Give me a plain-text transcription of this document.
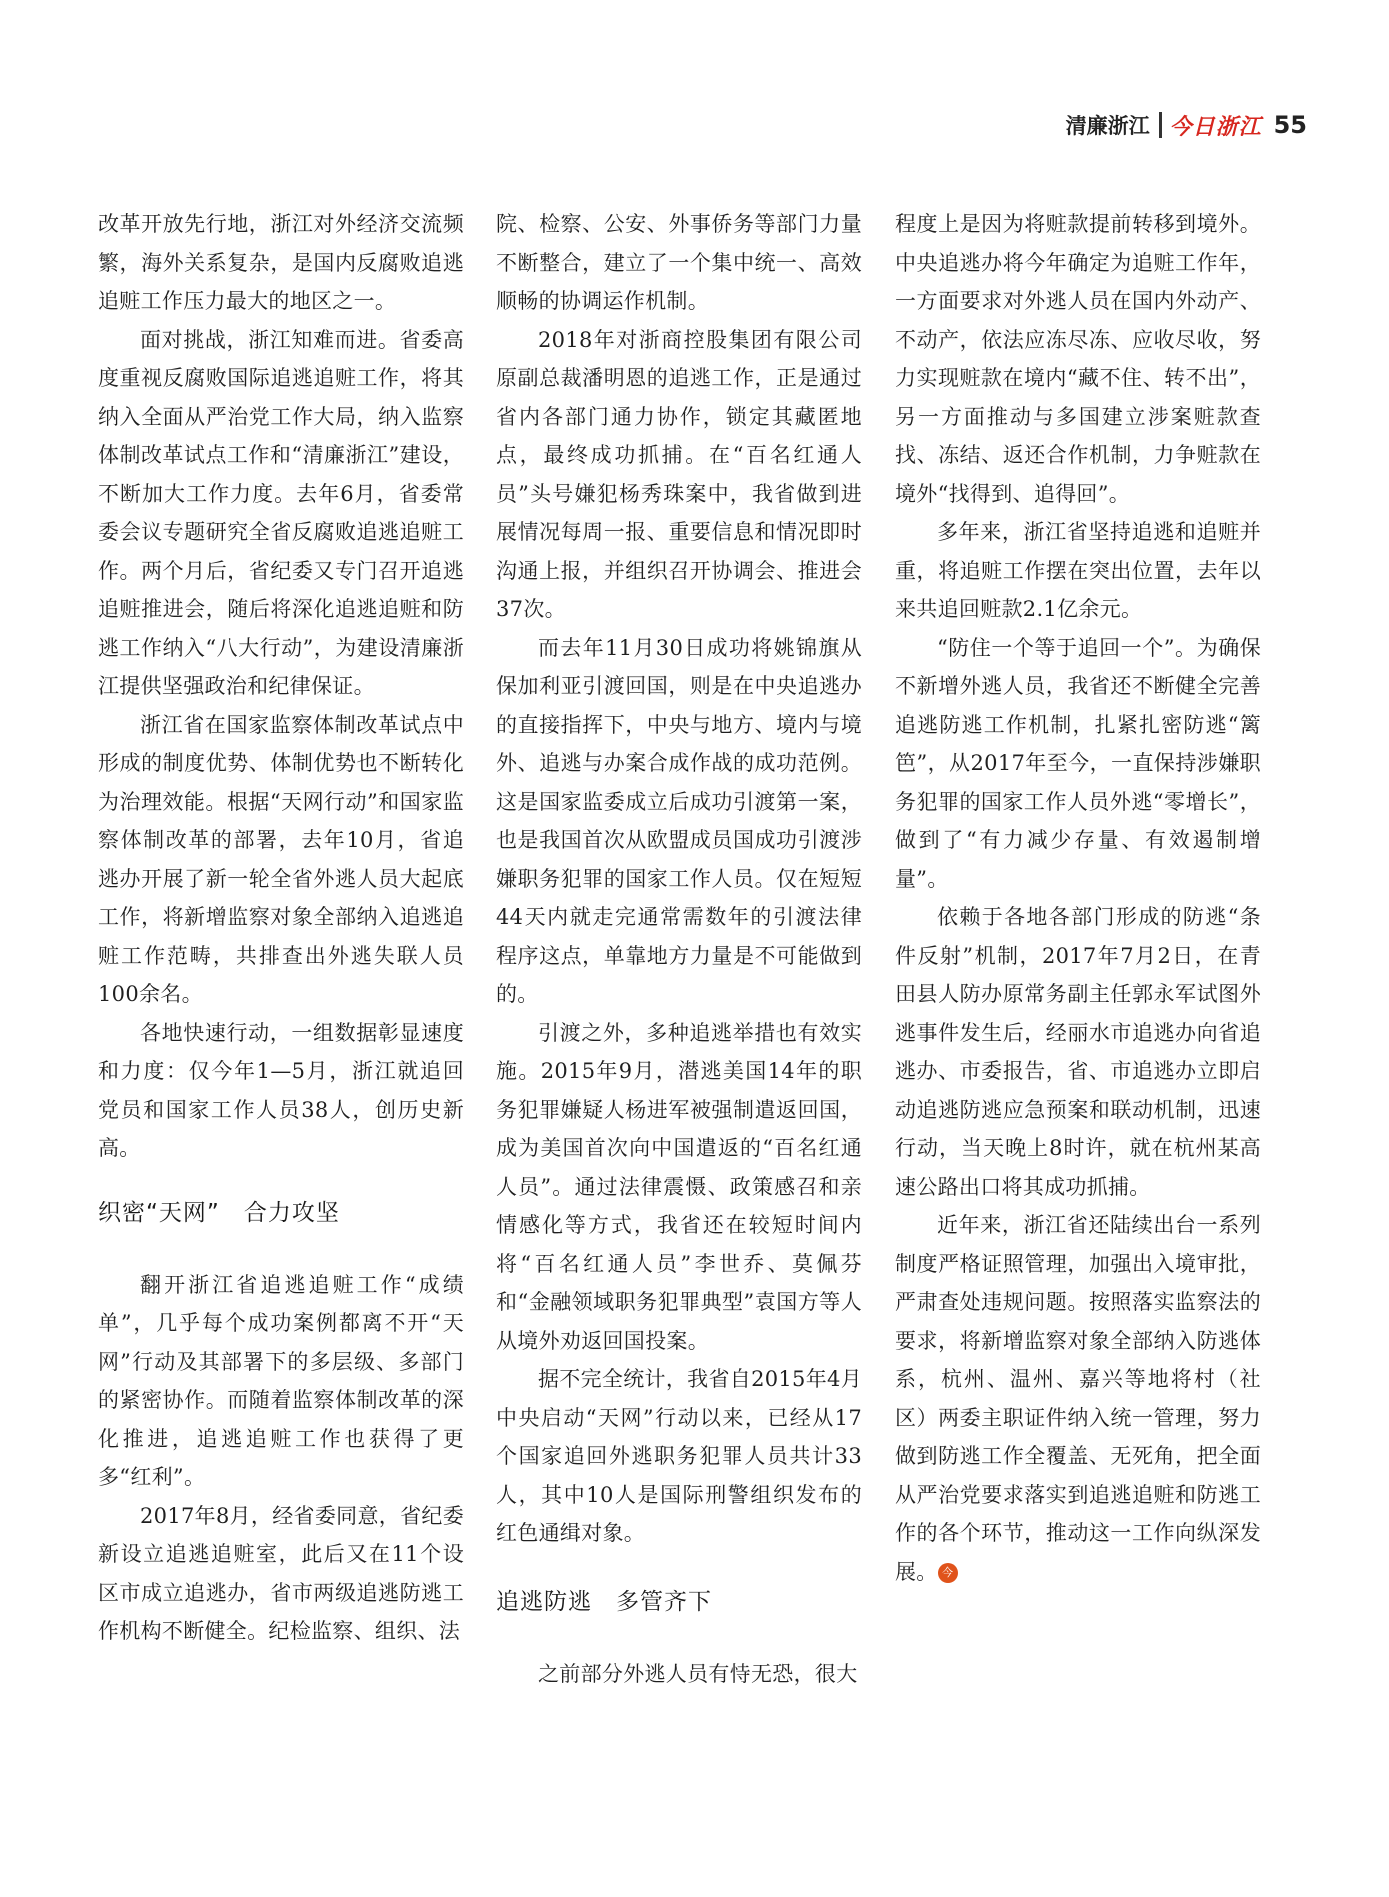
清廉浙江 今日浙江 55

改革开放先行地，浙江对外经济交流频繁，海外关系复杂，是国内反腐败追逃追赃工作压力最大的地区之一。

面对挑战，浙江知难而进。省委高度重视反腐败国际追逃追赃工作，将其纳入全面从严治党工作大局，纳入监察体制改革试点工作和“清廉浙江”建设，不断加大工作力度。去年6月，省委常委会议专题研究全省反腐败追逃追赃工作。两个月后，省纪委又专门召开追逃追赃推进会，随后将深化追逃追赃和防逃工作纳入“八大行动”，为建设清廉浙江提供坚强政治和纪律保证。

浙江省在国家监察体制改革试点中形成的制度优势、体制优势也不断转化为治理效能。根据“天网行动”和国家监察体制改革的部署，去年10月，省追逃办开展了新一轮全省外逃人员大起底工作，将新增监察对象全部纳入追逃追赃工作范畴，共排查出外逃失联人员100余名。

各地快速行动，一组数据彰显速度和力度：仅今年1—5月，浙江就追回党员和国家工作人员38人，创历史新高。

织密“天网”　合力攻坚

翻开浙江省追逃追赃工作“成绩单”，几乎每个成功案例都离不开“天网”行动及其部署下的多层级、多部门的紧密协作。而随着监察体制改革的深化推进，追逃追赃工作也获得了更多“红利”。

2017年8月，经省委同意，省纪委新设立追逃追赃室，此后又在11个设区市成立追逃办，省市两级追逃防逃工作机构不断健全。纪检监察、组织、法

院、检察、公安、外事侨务等部门力量不断整合，建立了一个集中统一、高效顺畅的协调运作机制。

2018年对浙商控股集团有限公司原副总裁潘明恩的追逃工作，正是通过省内各部门通力协作，锁定其藏匿地点，最终成功抓捕。在“百名红通人员”头号嫌犯杨秀珠案中，我省做到进展情况每周一报、重要信息和情况即时沟通上报，并组织召开协调会、推进会37次。

而去年11月30日成功将姚锦旗从保加利亚引渡回国，则是在中央追逃办的直接指挥下，中央与地方、境内与境外、追逃与办案合成作战的成功范例。这是国家监委成立后成功引渡第一案，也是我国首次从欧盟成员国成功引渡涉嫌职务犯罪的国家工作人员。仅在短短44天内就走完通常需数年的引渡法律程序这点，单靠地方力量是不可能做到的。

引渡之外，多种追逃举措也有效实施。2015年9月，潜逃美国14年的职务犯罪嫌疑人杨进军被强制遣返回国，成为美国首次向中国遣返的“百名红通人员”。通过法律震慑、政策感召和亲情感化等方式，我省还在较短时间内将“百名红通人员”李世乔、莫佩芬和“金融领域职务犯罪典型”袁国方等人从境外劝返回国投案。

据不完全统计，我省自2015年4月中央启动“天网”行动以来，已经从17个国家追回外逃职务犯罪人员共计33人，其中10人是国际刑警组织发布的红色通缉对象。

追逃防逃　多管齐下

之前部分外逃人员有恃无恐，很大

程度上是因为将赃款提前转移到境外。中央追逃办将今年确定为追赃工作年，一方面要求对外逃人员在国内外动产、不动产，依法应冻尽冻、应收尽收，努力实现赃款在境内“藏不住、转不出”，另一方面推动与多国建立涉案赃款查找、冻结、返还合作机制，力争赃款在境外“找得到、追得回”。

多年来，浙江省坚持追逃和追赃并重，将追赃工作摆在突出位置，去年以来共追回赃款2.1亿余元。

“防住一个等于追回一个”。为确保不新增外逃人员，我省还不断健全完善追逃防逃工作机制，扎紧扎密防逃“篱笆”，从2017年至今，一直保持涉嫌职务犯罪的国家工作人员外逃“零增长”，做到了“有力减少存量、有效遏制增量”。

依赖于各地各部门形成的防逃“条件反射”机制，2017年7月2日，在青田县人防办原常务副主任郭永军试图外逃事件发生后，经丽水市追逃办向省追逃办、市委报告，省、市追逃办立即启动追逃防逃应急预案和联动机制，迅速行动，当天晚上8时许，就在杭州某高速公路出口将其成功抓捕。

近年来，浙江省还陆续出台一系列制度严格证照管理，加强出入境审批，严肃查处违规问题。按照落实监察法的要求，将新增监察对象全部纳入防逃体系，杭州、温州、嘉兴等地将村（社区）两委主职证件纳入统一管理，努力做到防逃工作全覆盖、无死角，把全面从严治党要求落实到追逃追赃和防逃工作的各个环节，推动这一工作向纵深发展。 今
